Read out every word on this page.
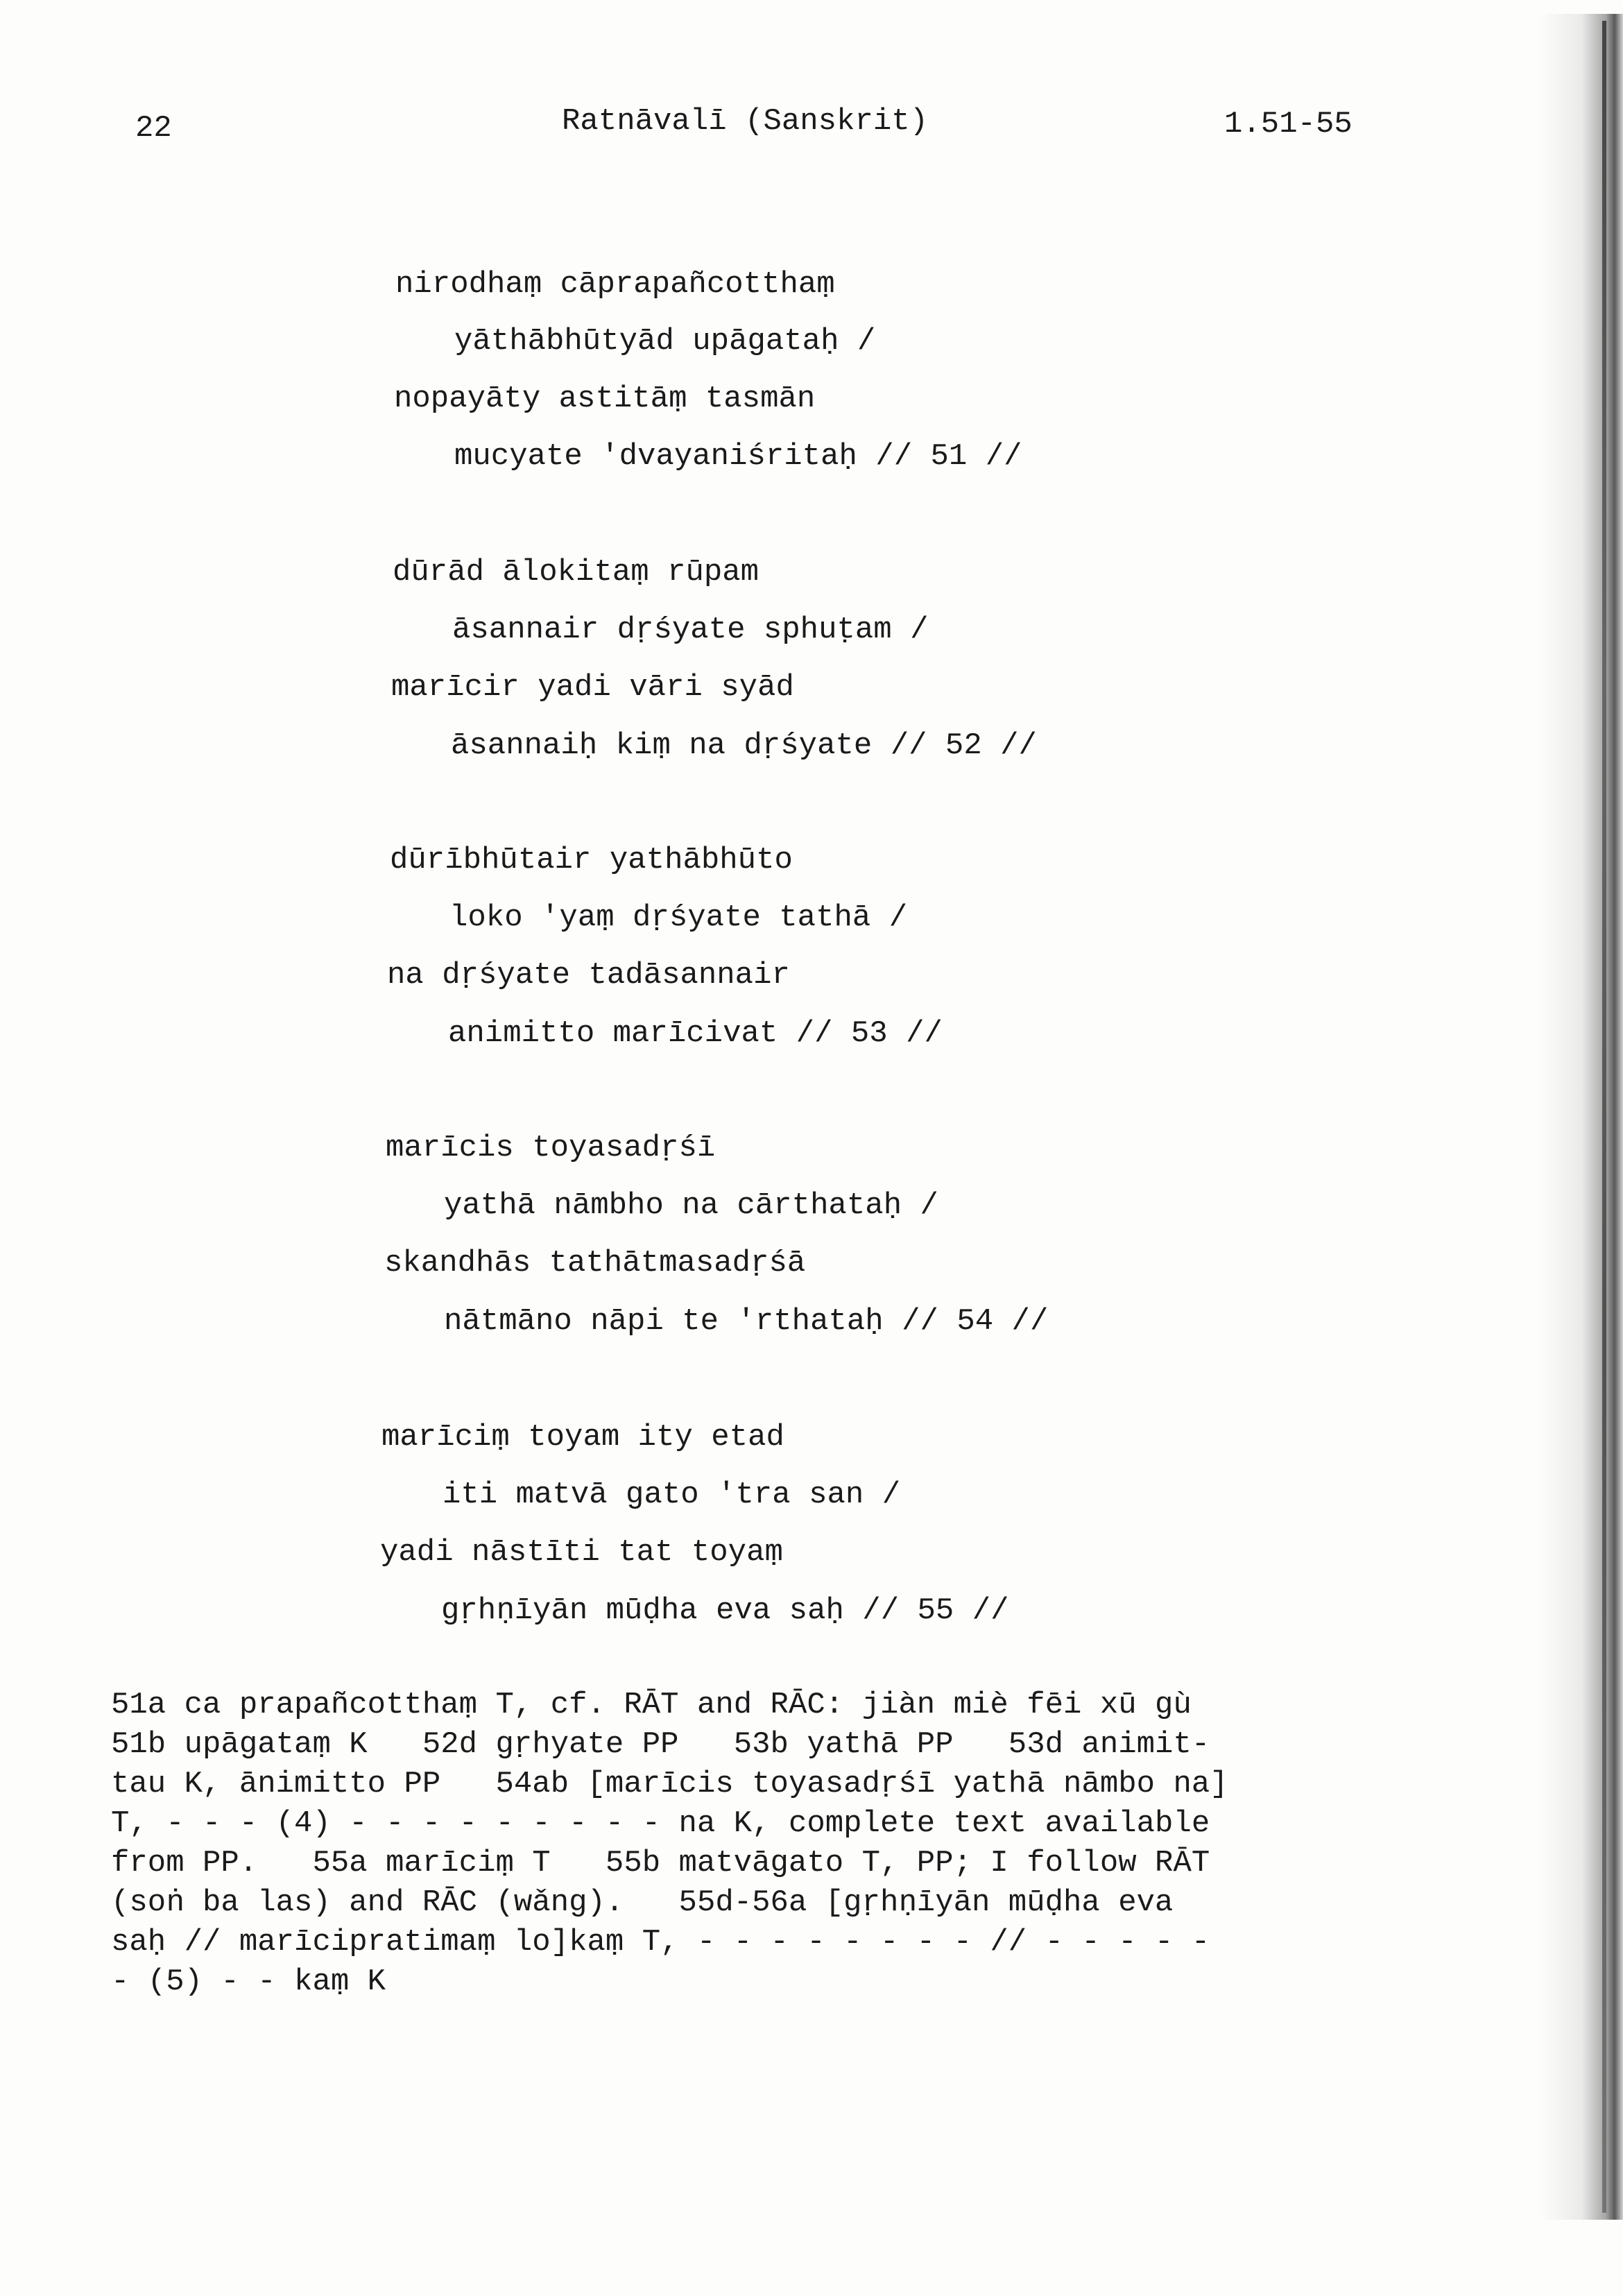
22	Ratnāvalī (Sanskrit)	1.51-55
nirodhaṃ cāprapañcotthaṃ
yāthābhūtyād upāgataḥ /
nopayāty astitāṃ tasmān
mucyate 'dvayaniśritaḥ // 51 //
dūrād ālokitaṃ rūpam
āsannair dṛśyate sphuṭam /
marīcir yadi vāri syād
āsannaiḥ kiṃ na dṛśyate // 52 //
dūrībhūtair yathābhūto
loko 'yaṃ dṛśyate tathā /
na dṛśyate tadāsannair
animitto marīcivat // 53 //
marīcis toyasadṛśī
yathā nāmbho na cārthataḥ /
skandhās tathātmasadṛśā
nātmāno nāpi te 'rthataḥ // 54 //
marīciṃ toyam ity etad
iti matvā gato 'tra san /
yadi nāstīti tat toyaṃ
gṛhṇīyān mūḍha eva saḥ // 55 //
51a ca prapañcotthaṃ T, cf. RĀT and RĀC: jiàn miè fēi xū gù
51b upāgataṃ K   52d gṛhyate PP   53b yathā PP   53d animit-
tau K, ānimitto PP   54ab [marīcis toyasadṛśī yathā nāmbo na]
T, - - - (4) - - - - - - - - - na K, complete text available
from PP.   55a marīciṃ T   55b matvāgato T, PP; I follow RĀT
(soṅ ba las) and RĀC (wǎng).   55d-56a [gṛhṇīyān mūḍha eva
saḥ // marīcipratimaṃ lo]kaṃ T, - - - - - - - - // - - - - -
- (5) - - kaṃ K
